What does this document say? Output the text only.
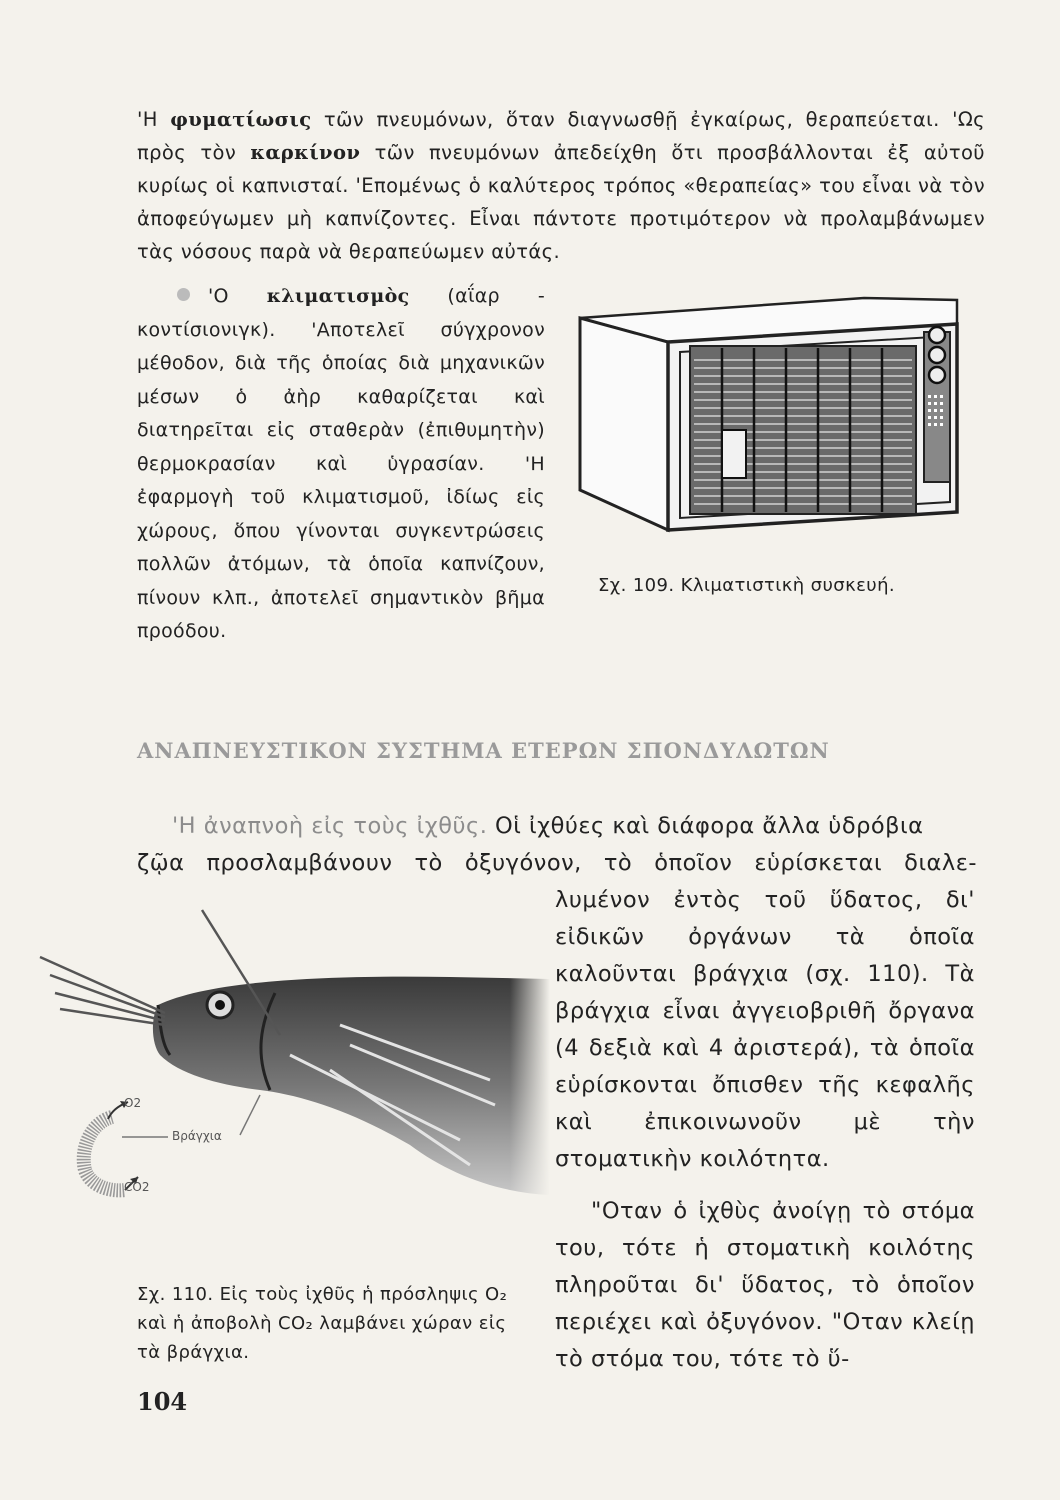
'Η φυματίωσις τῶν πνευμόνων, ὅταν διαγνωσθῇ ἐγκαίρως, θεραπεύεται. 'Ως πρὸς τὸν καρκίνον τῶν πνευμόνων ἀπεδείχθη ὅτι προσβάλλονται ἐξ αὐτοῦ κυρίως οἱ καπνισταί. 'Επομένως ὁ καλύτερος τρόπος «θεραπείας» του εἶναι νὰ τὸν ἀποφεύγωμεν μὴ καπνίζοντες. Εἶναι πάντοτε προτιμότερον νὰ προλαμβάνωμεν τὰς νόσους παρὰ νὰ θεραπεύωμεν αὐτάς.
'Ο κλιματισμὸς (αΐαρ - κοντίσιονιγκ). 'Αποτελεῖ σύγχρονον μέθοδον, διὰ τῆς ὁποίας διὰ μηχανικῶν μέσων ὁ ἀὴρ καθαρίζεται καὶ διατηρεῖται εἰς σταθερὰν (ἐπιθυμητὴν) θερμοκρασίαν καὶ ὑγρασίαν. 'Η ἐφαρμογὴ τοῦ κλιματισμοῦ, ἰδίως εἰς χώρους, ὅπου γίνονται συγκεντρώσεις πολλῶν ἀτόμων, τὰ ὁποῖα καπνίζουν, πίνουν κλπ., ἀποτελεῖ σημαντικὸν βῆμα προόδου.
Σχ. 109. Κλιματιστικὴ συσκευή.
ΑΝΑΠΝΕΥΣΤΙΚΟΝ ΣΥΣΤΗΜΑ ΕΤΕΡΩΝ ΣΠΟΝΔΥΛΩΤΩΝ
'Η ἀναπνοὴ εἰς τοὺς ἰχθῦς. Οἱ ἰχθύες καὶ διάφορα ἄλλα ὑδρόβια
ζῷα προσλαμβάνουν τὸ ὀξυγόνον, τὸ ὁποῖον εὑρίσκεται διαλε-
λυμένον ἐντὸς τοῦ ὕδατος, δι' εἰδικῶν ὀργάνων τὰ ὁποῖα καλοῦνται βράγχια (σχ. 110). Τὰ βράγχια εἶναι ἀγγειοβριθῆ ὄργανα (4 δεξιὰ καὶ 4 ἀριστερά), τὰ ὁποῖα εὑρίσκονται ὄπισθεν τῆς κεφαλῆς καὶ ἐπικοινωνοῦν μὲ τὴν στοματικὴν κοιλότητα.
"Οταν ὁ ἰχθὺς ἀνοίγῃ τὸ στόμα του, τότε ἡ στοματικὴ κοιλότης πληροῦται δι' ὕδατος, τὸ ὁποῖον περιέχει καὶ ὀξυγόνον. "Οταν κλείῃ τὸ στόμα του, τότε τὸ ὕ-
O2
Βράγχια
CO2
Σχ. 110. Εἰς τοὺς ἰχθῦς ἡ πρόσληψις O₂ καὶ ἡ ἀποβολὴ CO₂ λαμβάνει χώραν εἰς τὰ βράγχια.
104
